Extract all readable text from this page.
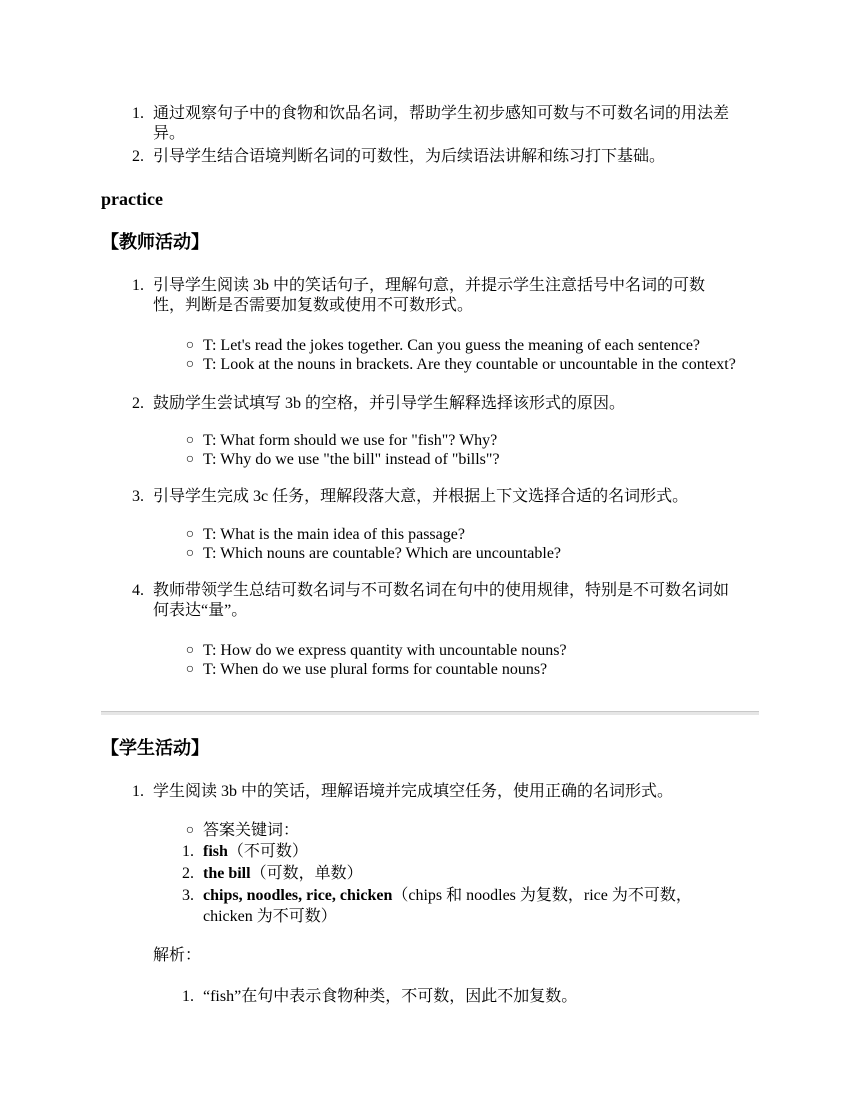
1. 通过观察句子中的食物和饮品名词，帮助学生初步感知可数与不可数名词的用法差
异。
2. 引导学生结合语境判断名词的可数性，为后续语法讲解和练习打下基础。
practice
【教师活动】
1. 引导学生阅读 3b 中的笑话句子，理解句意，并提示学生注意括号中名词的可数
性，判断是否需要加复数或使用不可数形式。
○ T: Let's read the jokes together. Can you guess the meaning of each sentence?
○ T: Look at the nouns in brackets. Are they countable or uncountable in the context?
2. 鼓励学生尝试填写 3b 的空格，并引导学生解释选择该形式的原因。
○ T: What form should we use for "fish"? Why?
○ T: Why do we use "the bill" instead of "bills"?
3. 引导学生完成 3c 任务，理解段落大意，并根据上下文选择合适的名词形式。
○ T: What is the main idea of this passage?
○ T: Which nouns are countable? Which are uncountable?
4. 教师带领学生总结可数名词与不可数名词在句中的使用规律，特别是不可数名词如
何表达“量”。
○ T: How do we express quantity with uncountable nouns?
○ T: When do we use plural forms for countable nouns?
【学生活动】
1. 学生阅读 3b 中的笑话，理解语境并完成填空任务，使用正确的名词形式。
○ 答案关键词：
1. fish（不可数）
2. the bill（可数，单数）
3. chips, noodles, rice, chicken（chips 和 noodles 为复数，rice 为不可数，
chicken 为不可数）
解析：
1. “fish”在句中表示食物种类，不可数，因此不加复数。
